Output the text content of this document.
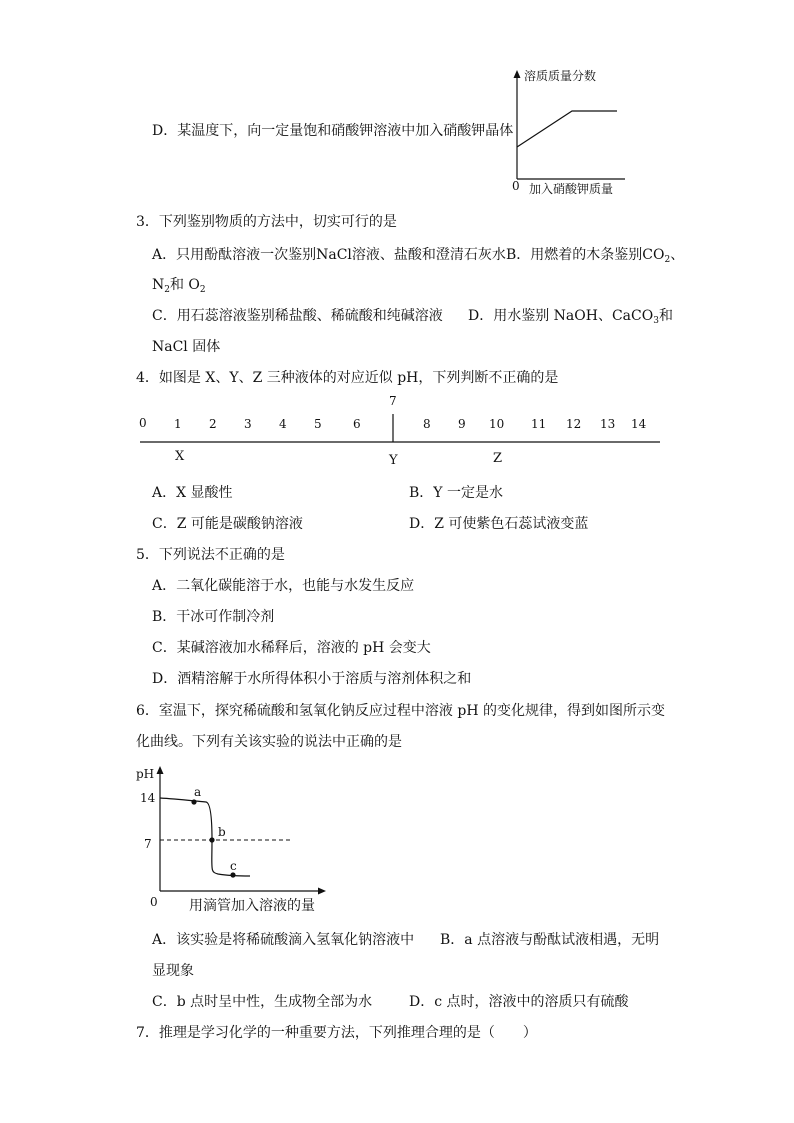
D．某温度下，向一定量饱和硝酸钾溶液中加入硝酸钾晶体
溶质质量分数
0 加入硝酸钾质量
3．下列鉴别物质的方法中，切实可行的是
A．只用酚酞溶液一次鉴别NaCl溶液、盐酸和澄清石灰水 B．用燃着的木条鉴别$CO_2$、
$N_2$和 $O_2$
C．用石蕊溶液鉴别稀盐酸、稀硫酸和纯碱溶液 D．用水鉴别 NaOH、CaCO$_3$和
NaCl 固体
4．如图是 X、Y、Z 三种液体的对应近似 pH，下列判断不正确的是
7
0 1 2 3 4 5	6	8 9 10 11 12 13 14
X	Y	Z
A．X 显酸性	B．Y 一定是水
C．Z 可能是碳酸钠溶液	D．Z 可使紫色石蕊试液变蓝
5．下列说法不正确的是
A．二氧化碳能溶于水，也能与水发生反应
B．干冰可作制冷剂
C．某碱溶液加水稀释后，溶液的 pH 会变大
D．酒精溶解于水所得体积小于溶质与溶剂体积之和
6．室温下，探究稀硫酸和氢氧化钠反应过程中溶液 pH 的变化规律，得到如图所示变
化曲线。下列有关该实验的说法中正确的是
pH
14
7
0
a
b
c
用滴管加入溶液的量
A．该实验是将稀硫酸滴入氢氧化钠溶液中 B．a 点溶液与酚酞试液相遇，无明
显现象
C．b 点时呈中性，生成物全部为水	D．c 点时，溶液中的溶质只有硫酸
7．推理是学习化学的一种重要方法，下列推理合理的是（　　）
